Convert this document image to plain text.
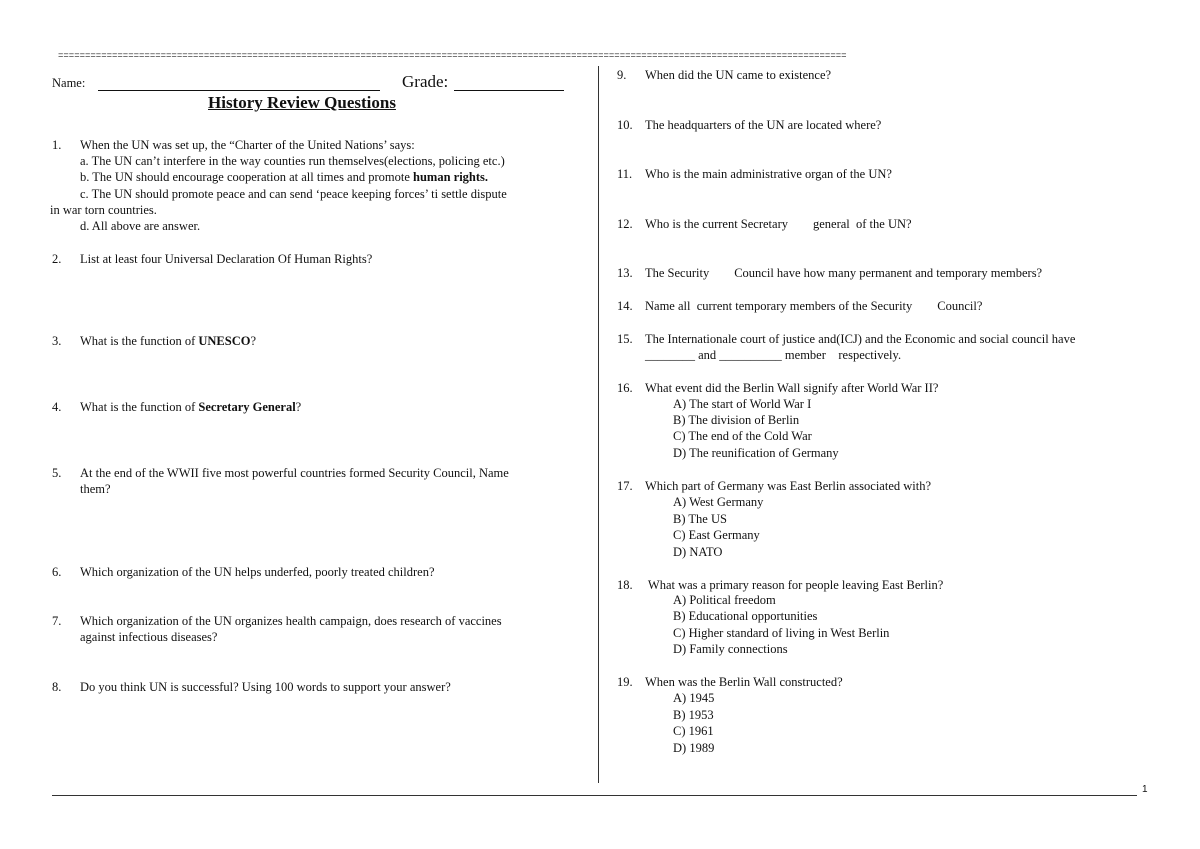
==================================================================================================================================================
Name:	Grade:
History Review Questions
1. When the UN was set up, the “Charter of the United Nations’ says:
a. The UN can’t interfere in the way counties run themselves(elections, policing etc.)
b. The UN should encourage cooperation at all times and promote human rights.
c. The UN should promote peace and can send ‘peace keeping forces’ ti settle dispute
in war torn countries.
d. All above are answer.
2. List at least four Universal Declaration Of Human Rights?
3. What is the function of UNESCO?
4. What is the function of Secretary General?
5. At the end of the WWII five most powerful countries formed Security Council, Name
them?
6. Which organization of the UN helps underfed, poorly treated children?
7. Which organization of the UN organizes health campaign, does research of vaccines
against infectious diseases?
8. Do you think UN is successful? Using 100 words to support your answer?
9. When did the UN came to existence?
10. The headquarters of the UN are located where?
11. Who is the main administrative organ of the UN?
12. Who is the current Secretary        general  of the UN?
13. The Security        Council have how many permanent and temporary members?
14. Name all  current temporary members of the Security        Council?
15. The Internationale court of justice and(ICJ) and the Economic and social council have
________ and __________ member    respectively.
16. What event did the Berlin Wall signify after World War II?
A) The start of World War I
B) The division of Berlin
C) The end of the Cold War
D) The reunification of Germany
17. Which part of Germany was East Berlin associated with?
A) West Germany
B) The US
C) East Germany
D) NATO
18. What was a primary reason for people leaving East Berlin?
A) Political freedom
B) Educational opportunities
C) Higher standard of living in West Berlin
D) Family connections
19. When was the Berlin Wall constructed?
A) 1945
B) 1953
C) 1961
D) 1989
1
